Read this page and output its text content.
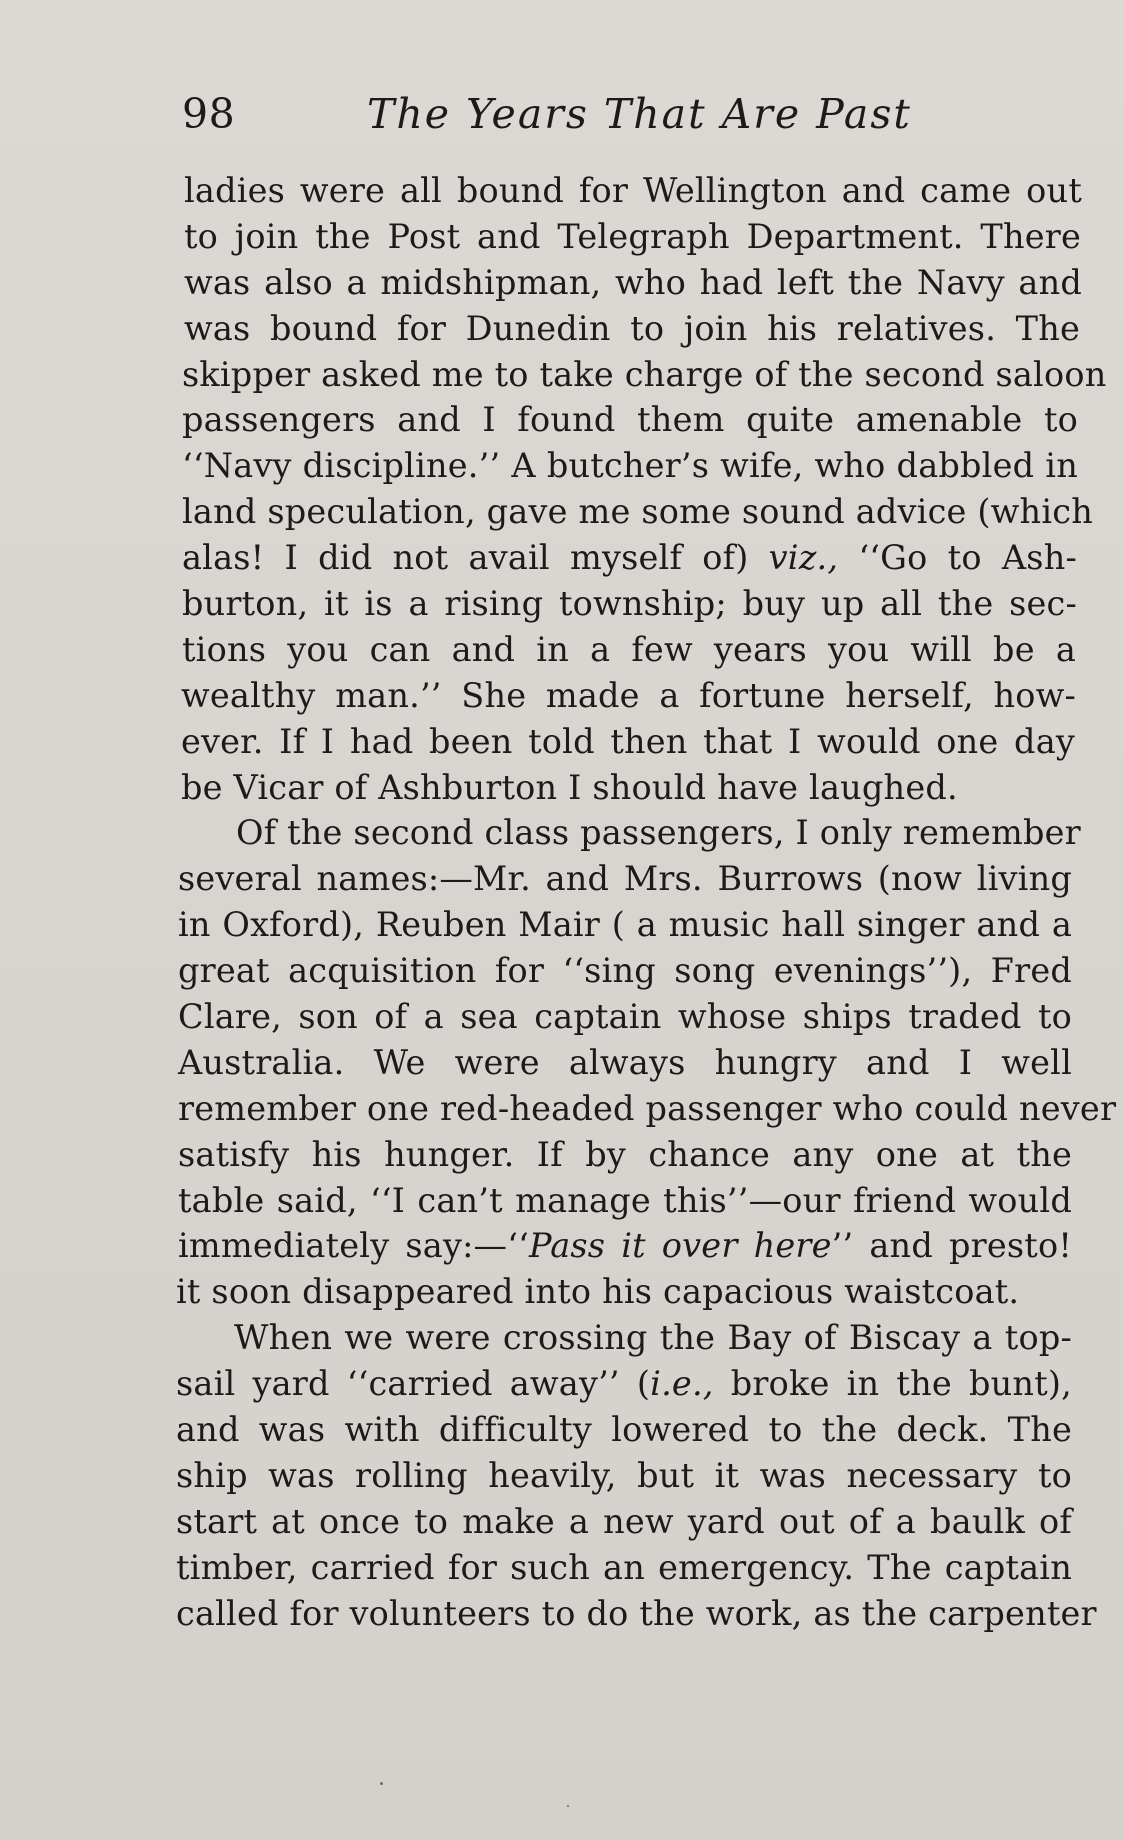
98	The Years That Are Past
ladies were all bound for Wellington and came out
to join the Post and Telegraph Department. There
was also a midshipman, who had left the Navy and
was bound for Dunedin to join his relatives. The
skipper asked me to take charge of the second saloon
passengers and I found them quite amenable to
‘‘Navy discipline.’’ A butcher’s wife, who dabbled in
land speculation, gave me some sound advice (which
alas! I did not avail myself of) viz., ‘‘Go to Ash-
burton, it is a rising township; buy up all the sec-
tions you can and in a few years you will be a
wealthy man.’’ She made a fortune herself, how-
ever. If I had been told then that I would one day
be Vicar of Ashburton I should have laughed.
Of the second class passengers, I only remember
several names:—Mr. and Mrs. Burrows (now living
in Oxford), Reuben Mair ( a music hall singer and a
great acquisition for ‘‘sing song evenings’’), Fred
Clare, son of a sea captain whose ships traded to
Australia. We were always hungry and I well
remember one red-headed passenger who could never
satisfy his hunger. If by chance any one at the
table said, ‘‘I can’t manage this’’—our friend would
immediately say:—‘‘Pass it over here’’ and presto!
it soon disappeared into his capacious waistcoat.
When we were crossing the Bay of Biscay a top-
sail yard ‘‘carried away’’ (i.e., broke in the bunt),
and was with difficulty lowered to the deck. The
ship was rolling heavily, but it was necessary to
start at once to make a new yard out of a baulk of
timber, carried for such an emergency. The captain
called for volunteers to do the work, as the carpenter
